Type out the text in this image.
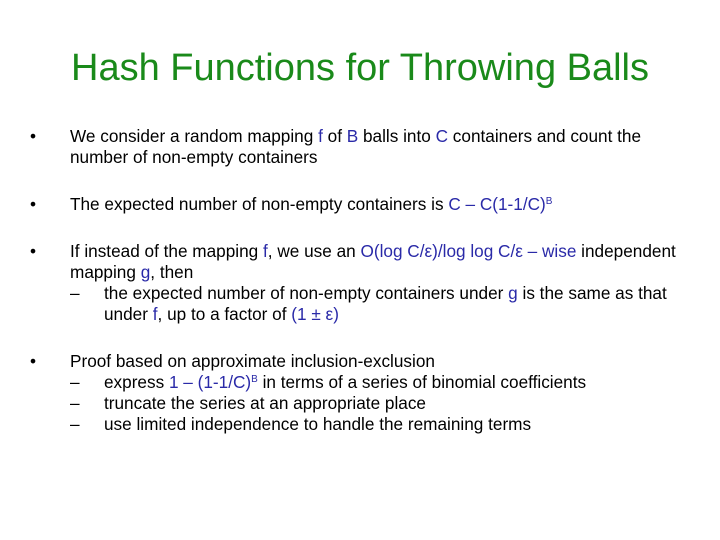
Hash Functions for Throwing Balls
• We consider a random mapping f of B balls into C containers and count the number of non-empty containers
• The expected number of non-empty containers is C – $C(1-1/C)^B$
• If instead of the mapping f, we use an O(log C/ε)/log log C/ε – wise independent mapping g, then
– the expected number of non-empty containers under g is the same as that under f, up to a factor of (1 ± ε)
• Proof based on approximate inclusion-exclusion
– express $1 - (1-1/C)^B$ in terms of a series of binomial coefficients
– truncate the series at an appropriate place
– use limited independence to handle the remaining terms
